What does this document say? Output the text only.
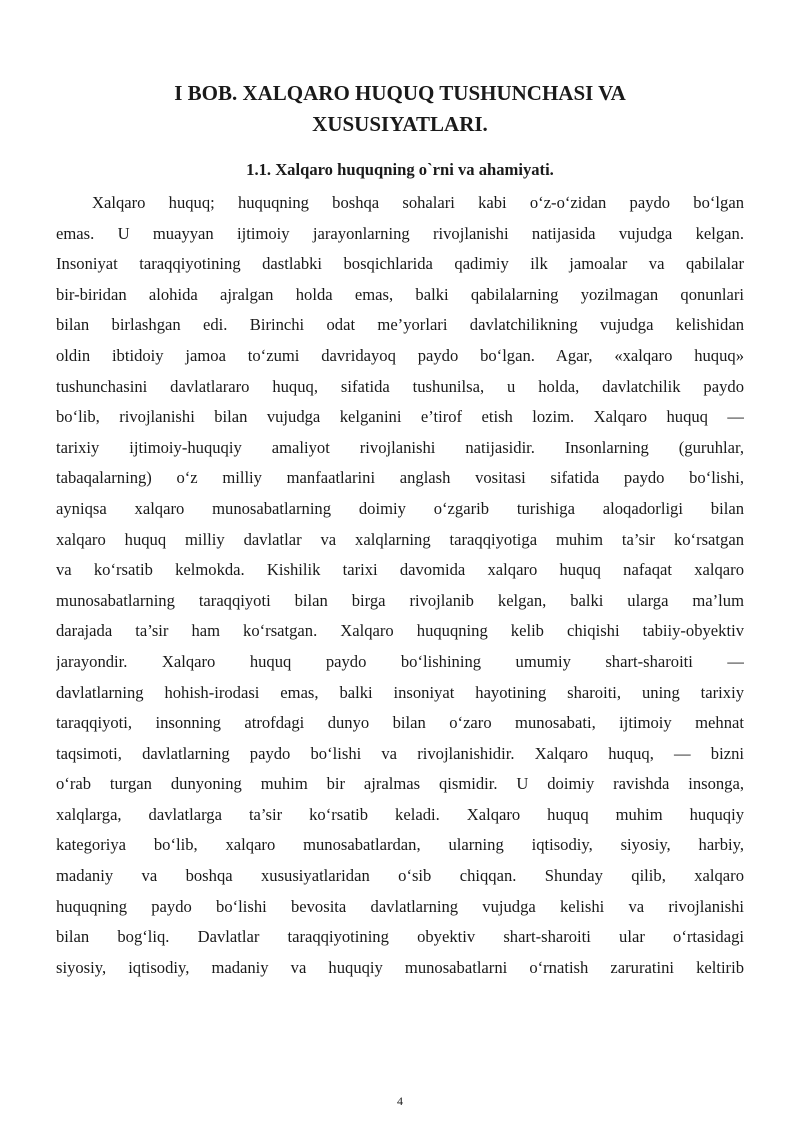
I BOB. XALQARO HUQUQ TUSHUNCHASI VA XUSUSIYATLARI.
1.1. Xalqaro huquqning o`rni va ahamiyati.
Xalqaro huquq; huquqning boshqa sohalari kabi o‘z-o‘zidan paydo bo‘lgan
emas. U muayyan ijtimoiy jarayonlarning rivojlanishi natijasida vujudga kelgan.
Insoniyat taraqqiyotining dastlabki bosqichlarida qadimiy ilk jamoalar va qabilalar
bir-biridan alohida ajralgan holda emas, balki qabilalarning yozilmagan qonunlari
bilan birlashgan edi. Birinchi odat me’yorlari davlatchilikning vujudga kelishidan
oldin ibtidoiy jamoa to‘zumi davridayoq paydo bo‘lgan. Agar, «xalqaro huquq»
tushunchasini davlatlararo huquq, sifatida tushunilsa, u holda, davlatchilik paydo
bo‘lib, rivojlanishi bilan vujudga kelganini e’tirof etish lozim. Xalqaro huquq —
tarixiy ijtimoiy-huquqiy amaliyot rivojlanishi natijasidir. Insonlarning (guruhlar,
tabaqalarning) o‘z milliy manfaatlarini anglash vositasi sifatida paydo bo‘lishi,
ayniqsa xalqaro munosabatlarning doimiy o‘zgarib turishiga aloqadorligi bilan
xalqaro huquq milliy davlatlar va xalqlarning taraqqiyotiga muhim ta’sir ko‘rsatgan
va ko‘rsatib kelmokda. Kishilik tarixi davomida xalqaro huquq nafaqat xalqaro
munosabatlarning taraqqiyoti bilan birga rivojlanib kelgan, balki ularga ma’lum
darajada ta’sir ham ko‘rsatgan. Xalqaro huquqning kelib chiqishi tabiiy-obyektiv
jarayondir. Xalqaro huquq paydo bo‘lishining umumiy shart-sharoiti —
davlatlarning hohish-irodasi emas, balki insoniyat hayotining sharoiti, uning tarixiy
taraqqiyoti, insonning atrofdagi dunyo bilan o‘zaro munosabati, ijtimoiy mehnat
taqsimoti, davlatlarning paydo bo‘lishi va rivojlanishidir. Xalqaro huquq, — bizni
o‘rab turgan dunyoning muhim bir ajralmas qismidir. U doimiy ravishda insonga,
xalqlarga, davlatlarga ta’sir ko‘rsatib keladi. Xalqaro huquq muhim huquqiy
kategoriya bo‘lib, xalqaro munosabatlardan, ularning iqtisodiy, siyosiy, harbiy,
madaniy va boshqa xususiyatlaridan o‘sib chiqqan. Shunday qilib, xalqaro
huquqning paydo bo‘lishi bevosita davlatlarning vujudga kelishi va rivojlanishi
bilan bog‘liq. Davlatlar taraqqiyotining obyektiv shart-sharoiti ular o‘rtasidagi
siyosiy, iqtisodiy, madaniy va huquqiy munosabatlarni o‘rnatish zaruratini keltirib
4
